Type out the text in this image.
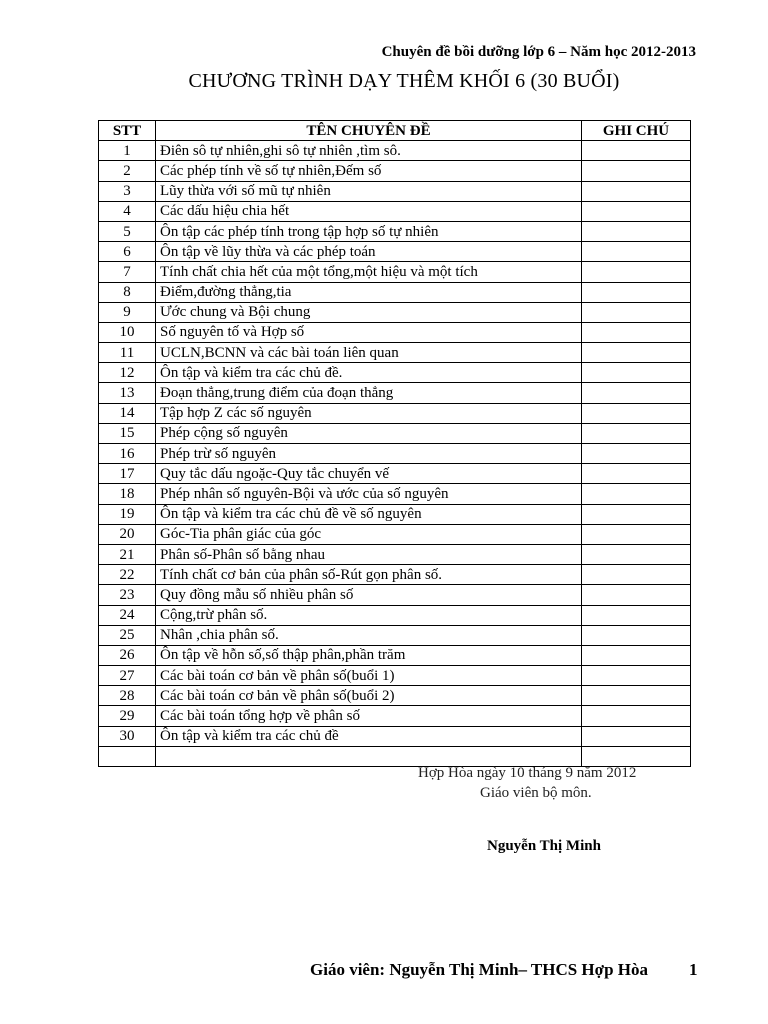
Chuyên đề bồi dưỡng lớp 6 – Năm học 2012-2013
CHƯƠNG TRÌNH DẠY THÊM KHỐI 6 (30 BUỔI)
STT	TÊN CHUYÊN ĐỀ	GHI CHÚ
1	Điên sô tự nhiên,ghi sô tự nhiên ,tìm sô.	
2	Các phép tính về số tự nhiên,Đếm số	
3	Lũy thừa với số mũ tự nhiên	
4	Các dấu hiệu chia hết	
5	Ôn tập các phép tính trong tập hợp số tự nhiên	
6	Ôn tập về lũy thừa và các phép toán	
7	Tính chất chia hết của một tổng,một hiệu và một tích	
8	Điểm,đường thẳng,tia	
9	Ước chung và Bội chung	
10	Số nguyên tố và Hợp số	
11	UCLN,BCNN và các bài toán liên quan	
12	Ôn tập và kiểm tra các chủ đề.	
13	Đoạn thẳng,trung điểm của đoạn thẳng	
14	Tập hợp Z các số nguyên	
15	Phép cộng số nguyên	
16	Phép trừ số nguyên	
17	Quy tắc dấu ngoặc-Quy tắc chuyển vế	
18	Phép nhân số nguyên-Bội và ước của số nguyên	
19	Ôn tập và kiểm tra các chủ đề về số nguyên	
20	Góc-Tia phân giác của góc	
21	Phân số-Phân số bằng nhau	
22	Tính chất cơ bản của phân số-Rút gọn phân số.	
23	Quy đồng mẫu số nhiều phân số	
24	Cộng,trừ phân số.	
25	Nhân ,chia phân số.	
26	Ôn tập về hỗn số,số thập phân,phần trăm	
27	Các bài toán cơ bản về phân số(buổi 1)	
28	Các bài toán cơ bản về phân số(buổi 2)	
29	Các bài toán tổng hợp về phân số	
30	Ôn tập và kiểm tra các chủ đề	

Hợp Hòa ngày 10 tháng 9 năm 2012
Giáo viên bộ môn.
Nguyễn Thị Minh
Giáo viên: Nguyễn Thị Minh– THCS Hợp Hòa 1
